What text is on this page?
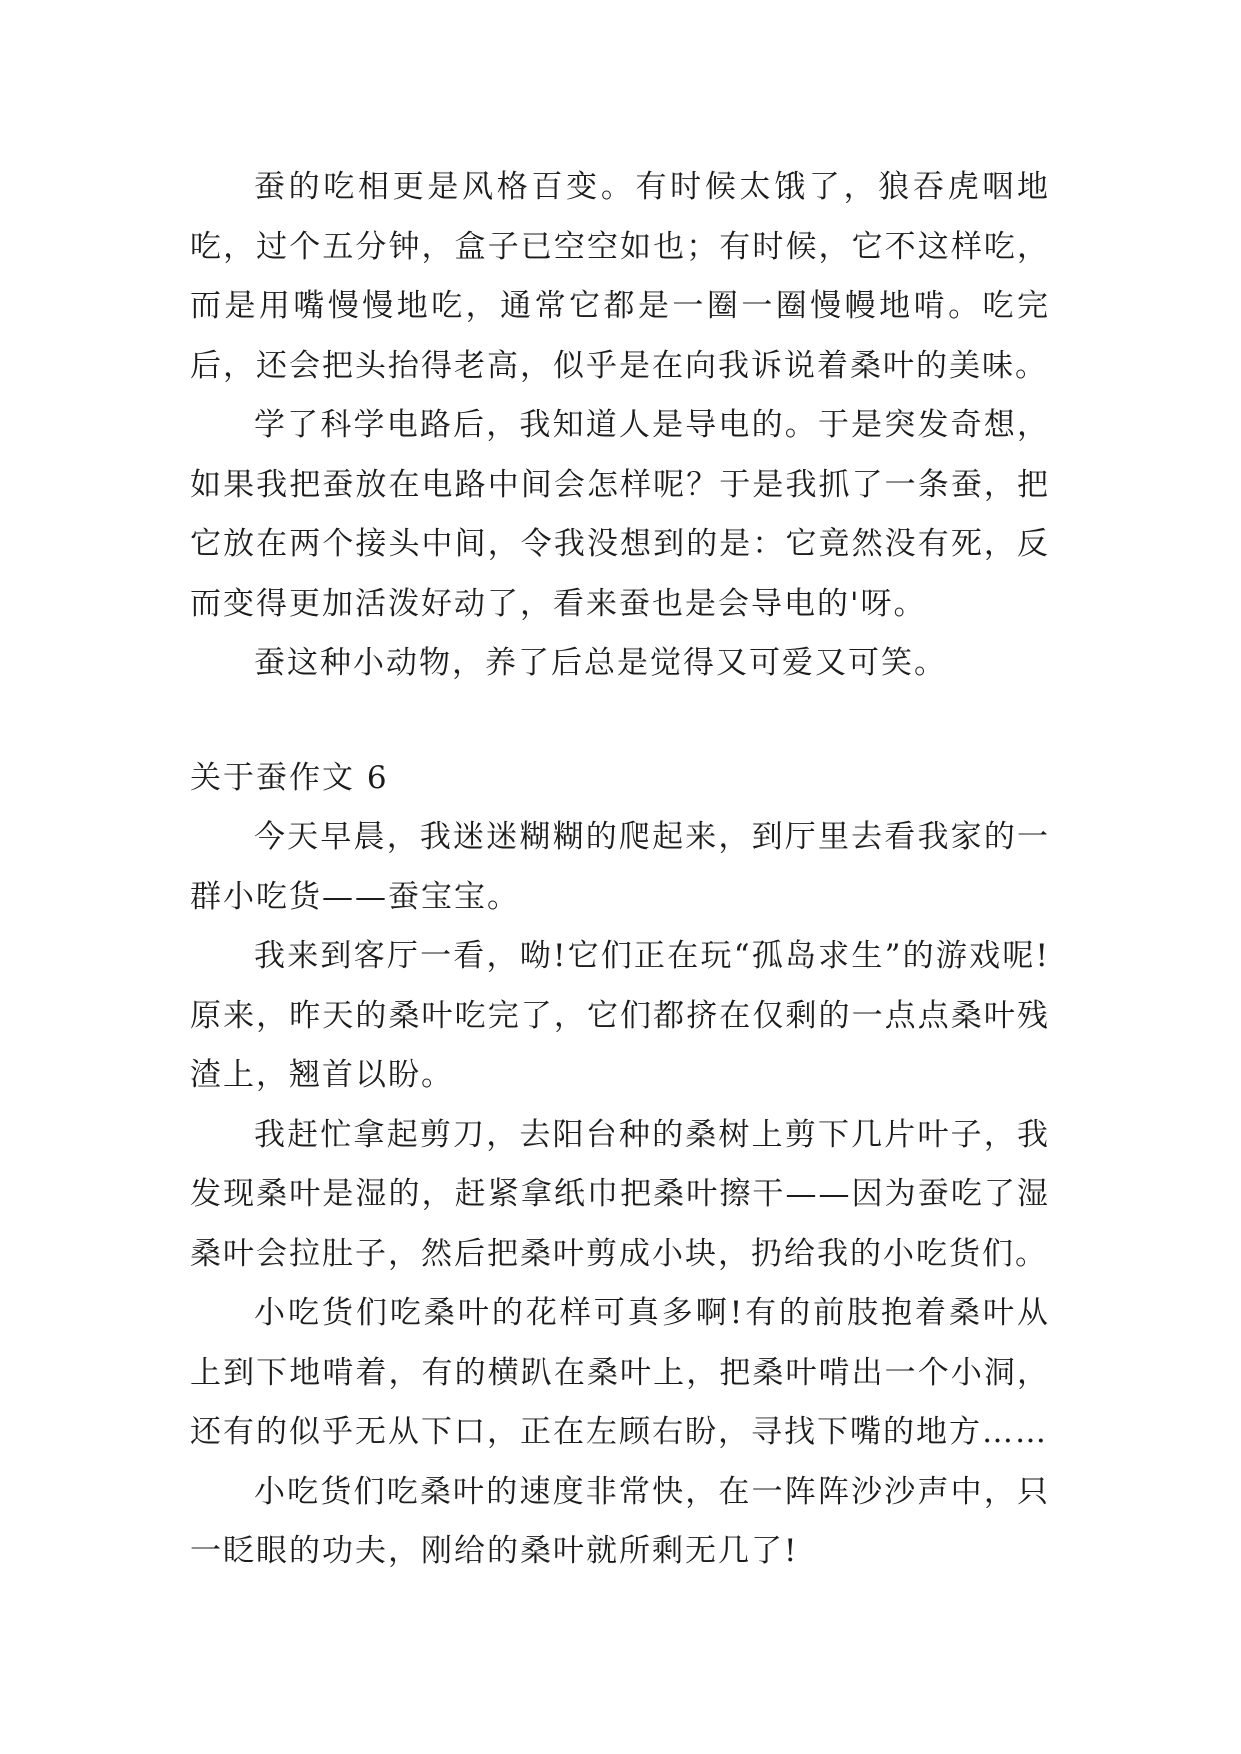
蚕的吃相更是风格百变。有时候太饿了，狼吞虎咽地吃，过个五分钟，盒子已空空如也；有时候，它不这样吃，而是用嘴慢慢地吃，通常它都是一圈一圈慢幔地啃。吃完后，还会把头抬得老高，似乎是在向我诉说着桑叶的美味。

学了科学电路后，我知道人是导电的。于是突发奇想，如果我把蚕放在电路中间会怎样呢？于是我抓了一条蚕，把它放在两个接头中间，令我没想到的是：它竟然没有死，反而变得更加活泼好动了，看来蚕也是会导电的'呀。

蚕这种小动物，养了后总是觉得又可爱又可笑。

关于蚕作文 6

今天早晨，我迷迷糊糊的爬起来，到厅里去看我家的一群小吃货——蚕宝宝。

我来到客厅一看，呦!它们正在玩“孤岛求生”的游戏呢!原来，昨天的桑叶吃完了，它们都挤在仅剩的一点点桑叶残渣上，翘首以盼。

我赶忙拿起剪刀，去阳台种的桑树上剪下几片叶子，我发现桑叶是湿的，赶紧拿纸巾把桑叶擦干——因为蚕吃了湿桑叶会拉肚子，然后把桑叶剪成小块，扔给我的小吃货们。

小吃货们吃桑叶的花样可真多啊!有的前肢抱着桑叶从上到下地啃着，有的横趴在桑叶上，把桑叶啃出一个小洞，还有的似乎无从下口，正在左顾右盼，寻找下嘴的地方……

小吃货们吃桑叶的速度非常快，在一阵阵沙沙声中，只一眨眼的功夫，刚给的桑叶就所剩无几了!
